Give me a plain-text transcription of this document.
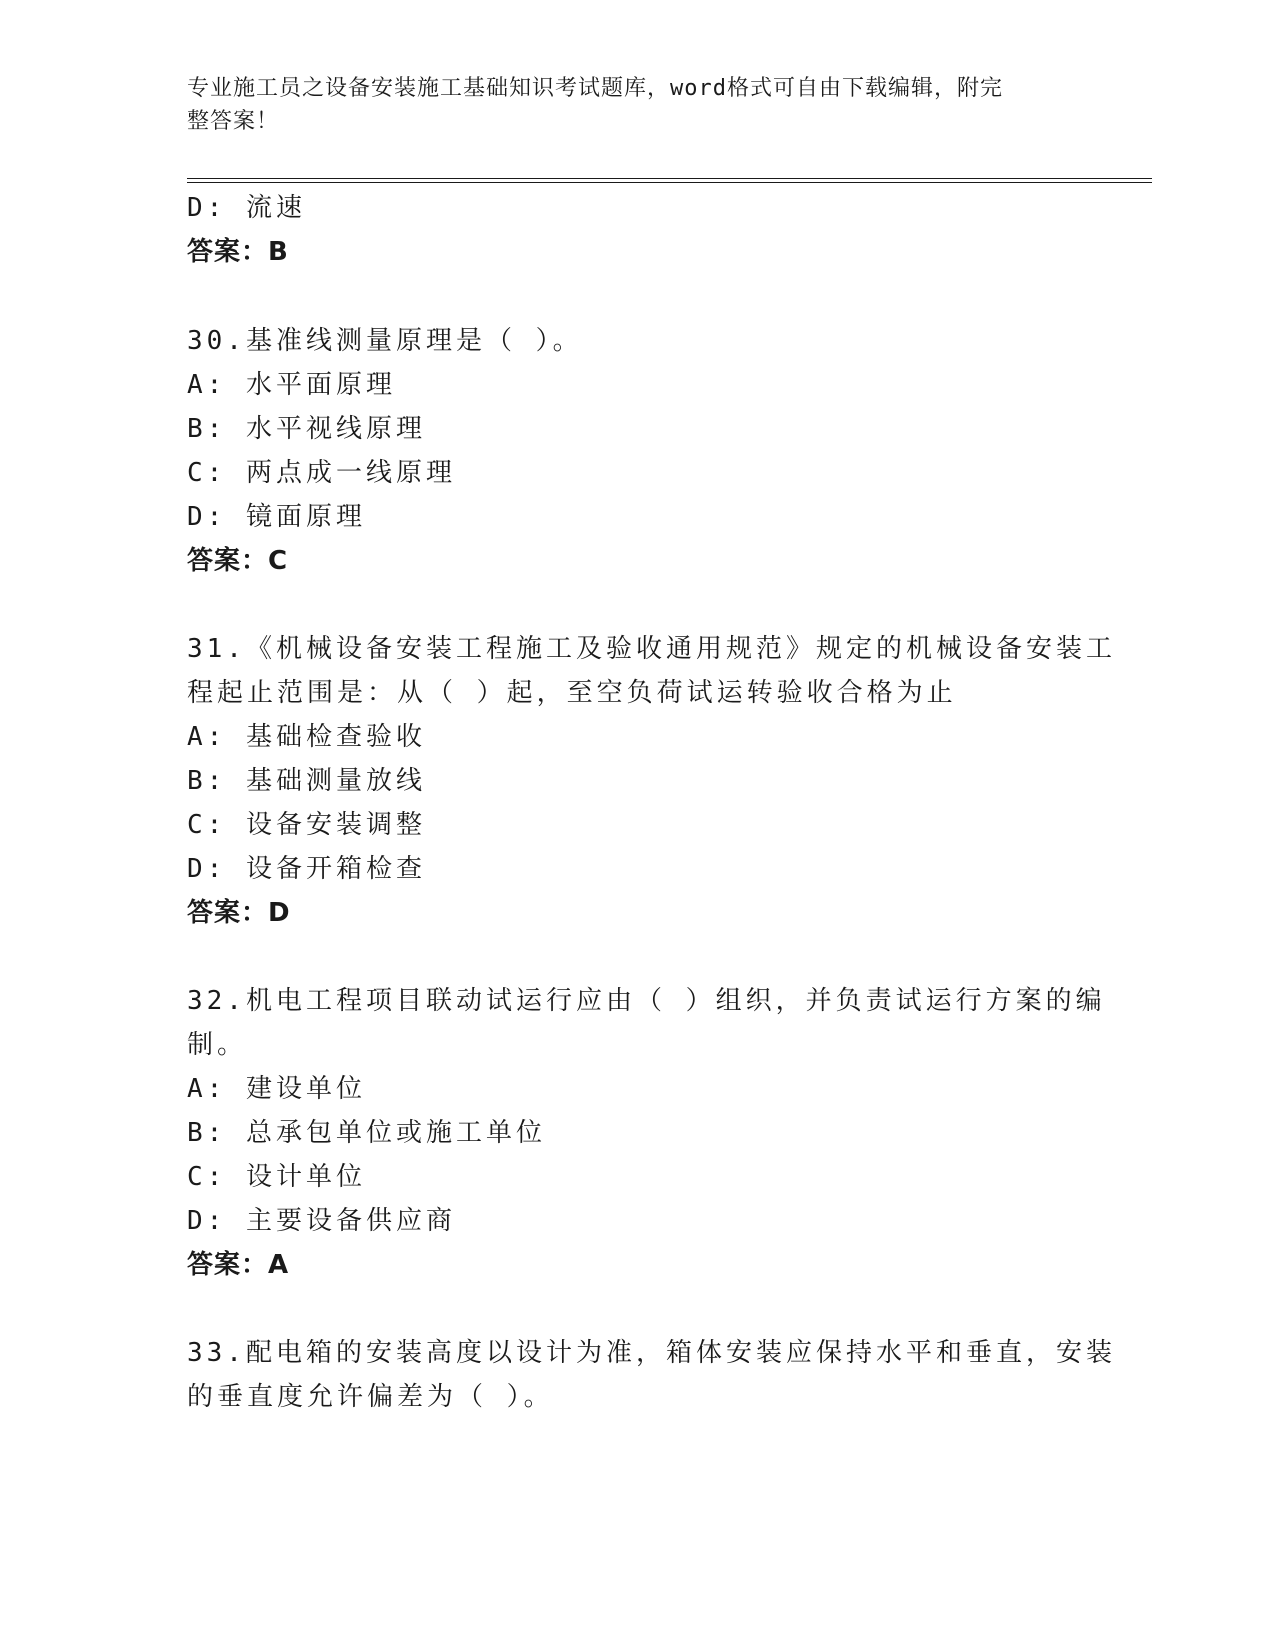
专业施工员之设备安装施工基础知识考试题库，word格式可自由下载编辑，附完
整答案！
D: 流速
答案：B
30.基准线测量原理是（ ）。
A: 水平面原理
B: 水平视线原理
C: 两点成一线原理
D: 镜面原理
答案：C
31.《机械设备安装工程施工及验收通用规范》规定的机械设备安装工
程起止范围是：从（ ）起，至空负荷试运转验收合格为止
A: 基础检查验收
B: 基础测量放线
C: 设备安装调整
D: 设备开箱检查
答案：D
32.机电工程项目联动试运行应由（ ）组织，并负责试运行方案的编
制。
A: 建设单位
B: 总承包单位或施工单位
C: 设计单位
D: 主要设备供应商
答案：A
33.配电箱的安装高度以设计为准，箱体安装应保持水平和垂直，安装
的垂直度允许偏差为（ ）。
